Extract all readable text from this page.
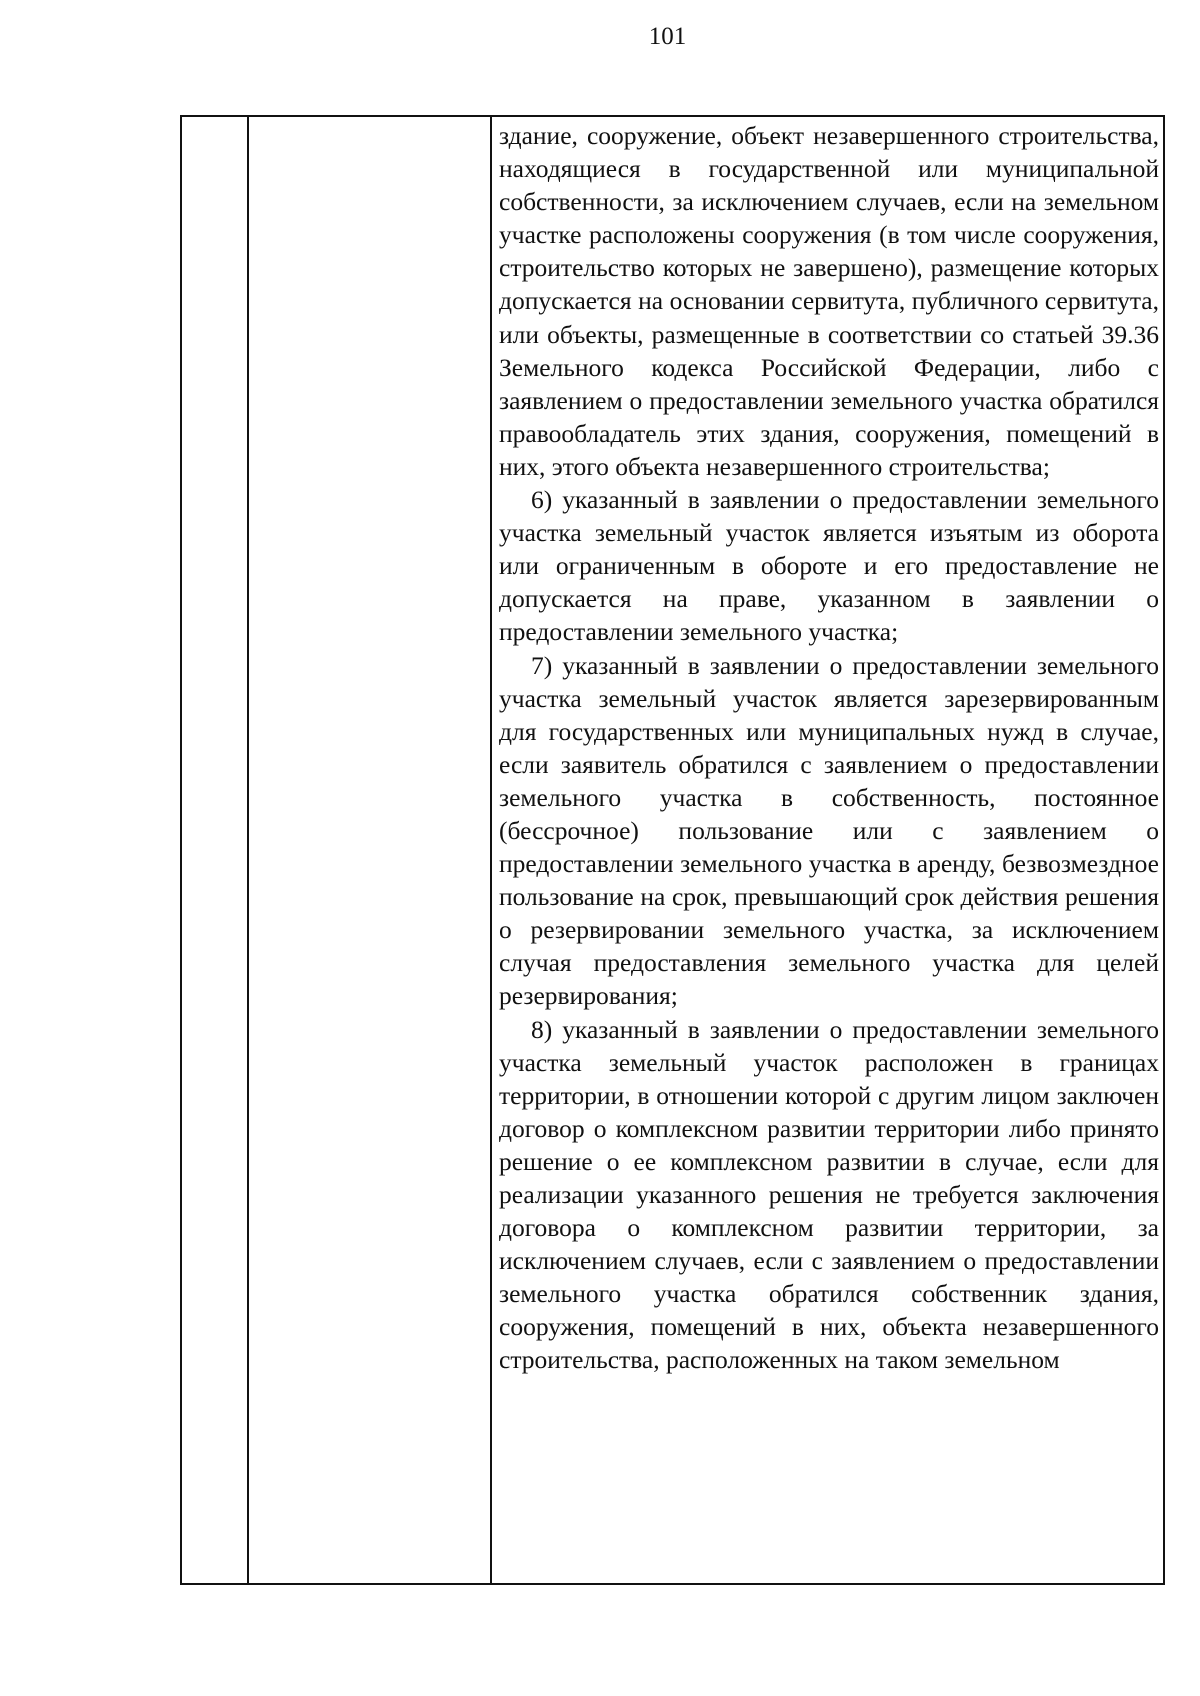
101

здание, сооружение, объект незавершенного строительства, находящиеся в государственной или муниципальной собственности, за исключением случаев, если на земельном участке расположены сооружения (в том числе сооружения, строительство которых не завершено), размещение которых допускается на основании сервитута, публичного сервитута, или объекты, размещенные в соответствии со статьей 39.36 Земельного кодекса Российской Федерации, либо с заявлением о предоставлении земельного участка обратился правообладатель этих здания, сооружения, помещений в них, этого объекта незавершенного строительства;

6) указанный в заявлении о предоставлении земельного участка земельный участок является изъятым из оборота или ограниченным в обороте и его предоставление не допускается на праве, указанном в заявлении о предоставлении земельного участка;

7) указанный в заявлении о предоставлении земельного участка земельный участок является зарезервированным для государственных или муниципальных нужд в случае, если заявитель обратился с заявлением о предоставлении земельного участка в собственность, постоянное (бессрочное) пользование или с заявлением о предоставлении земельного участка в аренду, безвозмездное пользование на срок, превышающий срок действия решения о резервировании земельного участка, за исключением случая предоставления земельного участка для целей резервирования;

8) указанный в заявлении о предоставлении земельного участка земельный участок расположен в границах территории, в отношении которой с другим лицом заключен договор о комплексном развитии территории либо принято решение о ее комплексном развитии в случае, если для реализации указанного решения не требуется заключения договора о комплексном развитии территории, за исключением случаев, если с заявлением о предоставлении земельного участка обратился собственник здания, сооружения, помещений в них, объекта незавершенного строительства, расположенных на таком земельном
